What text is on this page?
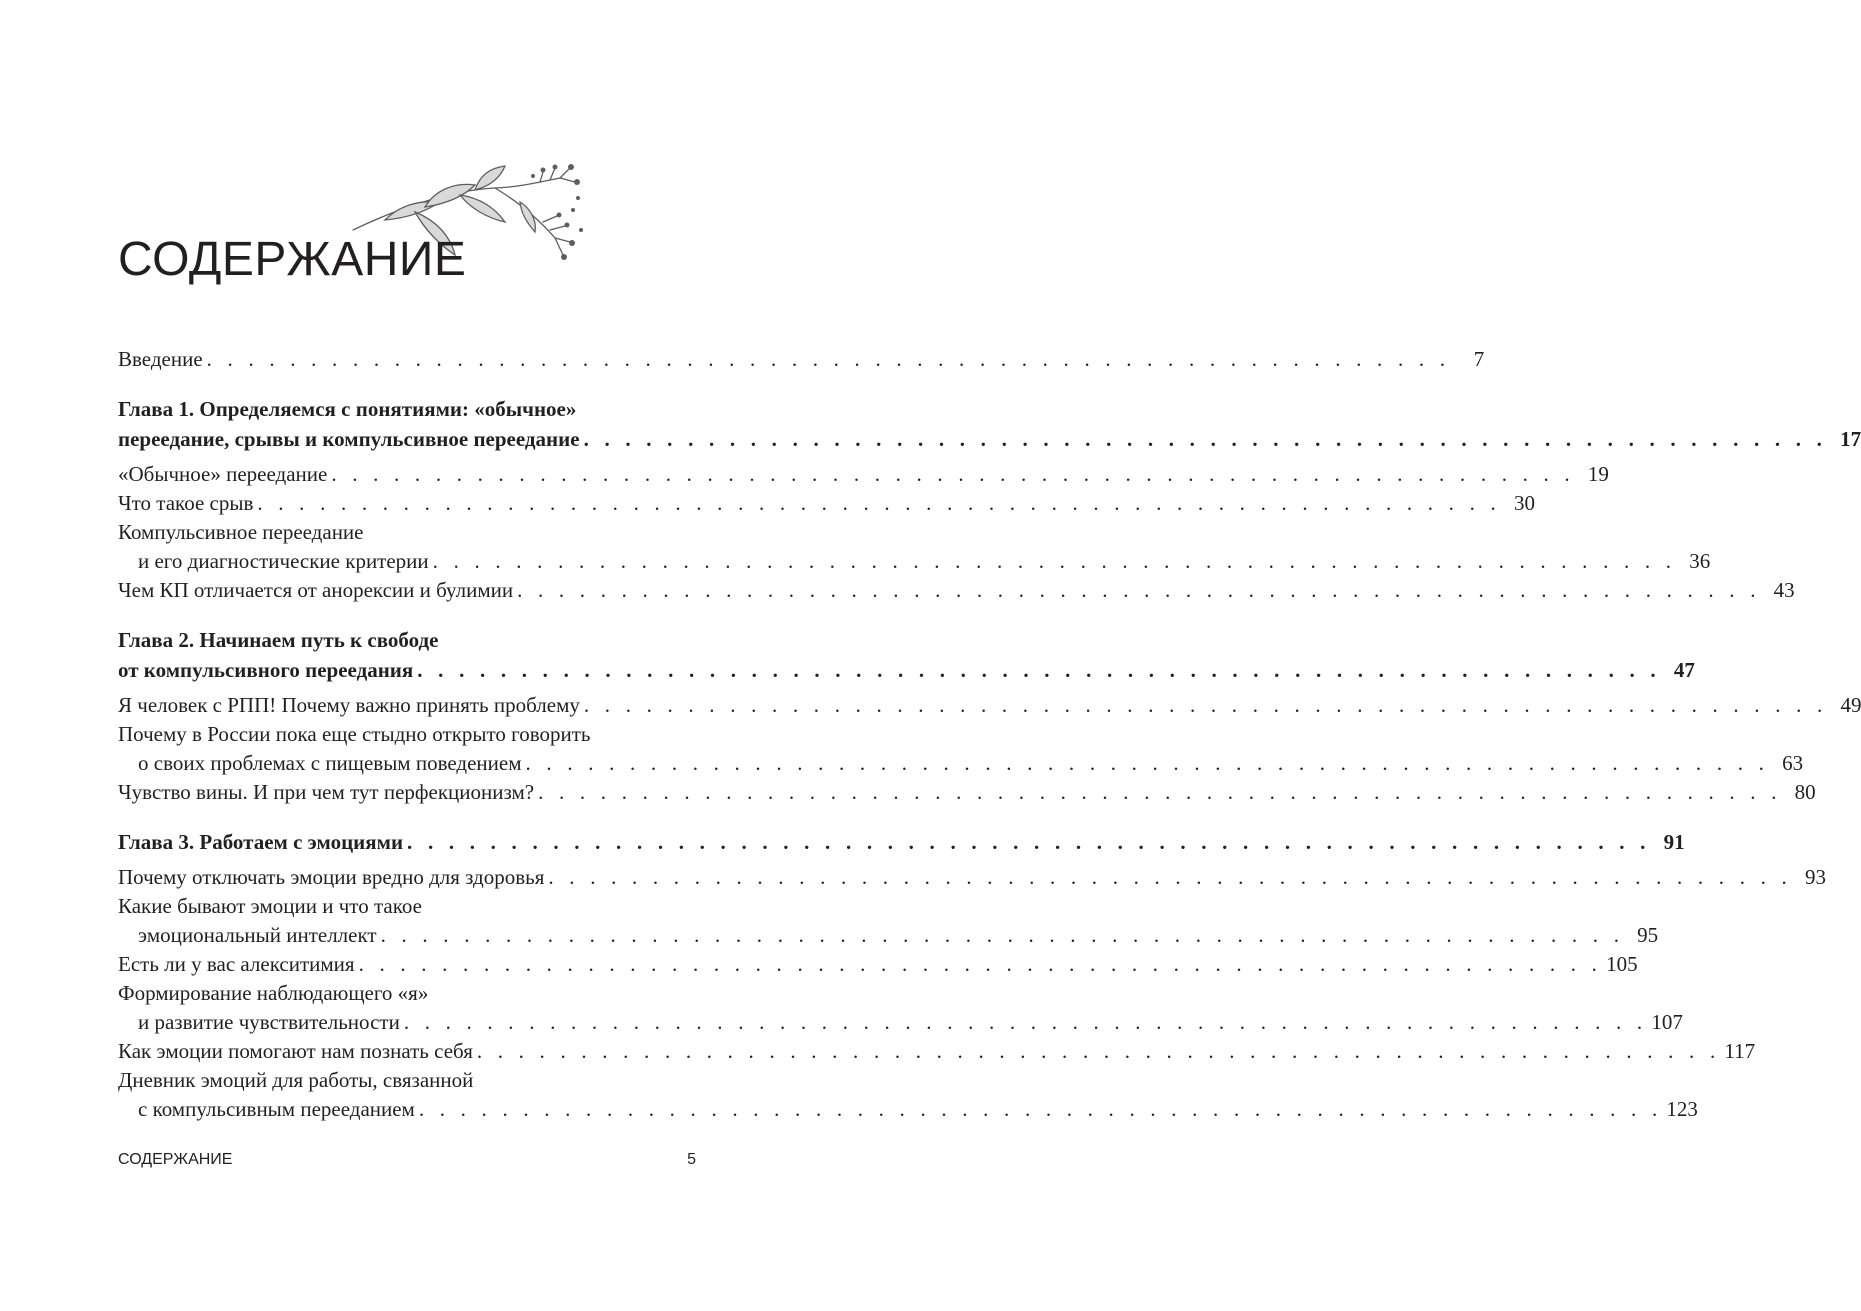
СОДЕРЖАНИЕ
Введение . . . . . . . . . . . . . . . . . . . . . . . . . . . . . . . . . . . . . . . . . . . . . . . . . . . . . . . . . . . .	7
Глава 1. Определяемся с понятиями: «обычное»
переедание, срывы и компульсивное переедание . . . . . . . . . . . . . . . . . . . . . . . . . . . . . . . . . . . . . . . . . . . . . . . . . . . . . . . . . . . . 17
«Обычное» переедание . . . . . . . . . . . . . . . . . . . . . . . . . . . . . . . . . . . . . . . . . . . . . . . . . . . . . . . . . . . . 19
Что такое срыв . . . . . . . . . . . . . . . . . . . . . . . . . . . . . . . . . . . . . . . . . . . . . . . . . . . . . . . . . . . . 30
Компульсивное переедание
и его диагностические критерии . . . . . . . . . . . . . . . . . . . . . . . . . . . . . . . . . . . . . . . . . . . . . . . . . . . . . . . . . . . . 36
Чем КП отличается от анорексии и булимии . . . . . . . . . . . . . . . . . . . . . . . . . . . . . . . . . . . . . . . . . . . . . . . . . . . . . . . . . . . . 43
Глава 2. Начинаем путь к свободе
от компульсивного переедания . . . . . . . . . . . . . . . . . . . . . . . . . . . . . . . . . . . . . . . . . . . . . . . . . . . . . . . . . . . . 47
Я человек с РПП! Почему важно принять проблему . . . . . . . . . . . . . . . . . . . . . . . . . . . . . . . . . . . . . . . . . . . . . . . . . . . . . . . . . . . . 49
Почему в России пока еще стыдно открыто говорить
о своих проблемах с пищевым поведением . . . . . . . . . . . . . . . . . . . . . . . . . . . . . . . . . . . . . . . . . . . . . . . . . . . . . . . . . . . . 63
Чувство вины. И при чем тут перфекционизм? . . . . . . . . . . . . . . . . . . . . . . . . . . . . . . . . . . . . . . . . . . . . . . . . . . . . . . . . . . . . 80
Глава 3. Работаем с эмоциями . . . . . . . . . . . . . . . . . . . . . . . . . . . . . . . . . . . . . . . . . . . . . . . . . . . . . . . . . . . . 91
Почему отключать эмоции вредно для здоровья . . . . . . . . . . . . . . . . . . . . . . . . . . . . . . . . . . . . . . . . . . . . . . . . . . . . . . . . . . . . 93
Какие бывают эмоции и что такое
эмоциональный интеллект . . . . . . . . . . . . . . . . . . . . . . . . . . . . . . . . . . . . . . . . . . . . . . . . . . . . . . . . . . . . 95
Есть ли у вас алекситимия . . . . . . . . . . . . . . . . . . . . . . . . . . . . . . . . . . . . . . . . . . . . . . . . . . . . . . . . . . . . 105
Формирование наблюдающего «я»
и развитие чувствительности . . . . . . . . . . . . . . . . . . . . . . . . . . . . . . . . . . . . . . . . . . . . . . . . . . . . . . . . . . . . 107
Как эмоции помогают нам познать себя . . . . . . . . . . . . . . . . . . . . . . . . . . . . . . . . . . . . . . . . . . . . . . . . . . . . . . . . . . . . 117
Дневник эмоций для работы, связанной
с компульсивным перееданием . . . . . . . . . . . . . . . . . . . . . . . . . . . . . . . . . . . . . . . . . . . . . . . . . . . . . . . . . . . . 123
СОДЕРЖАНИЕ	5
